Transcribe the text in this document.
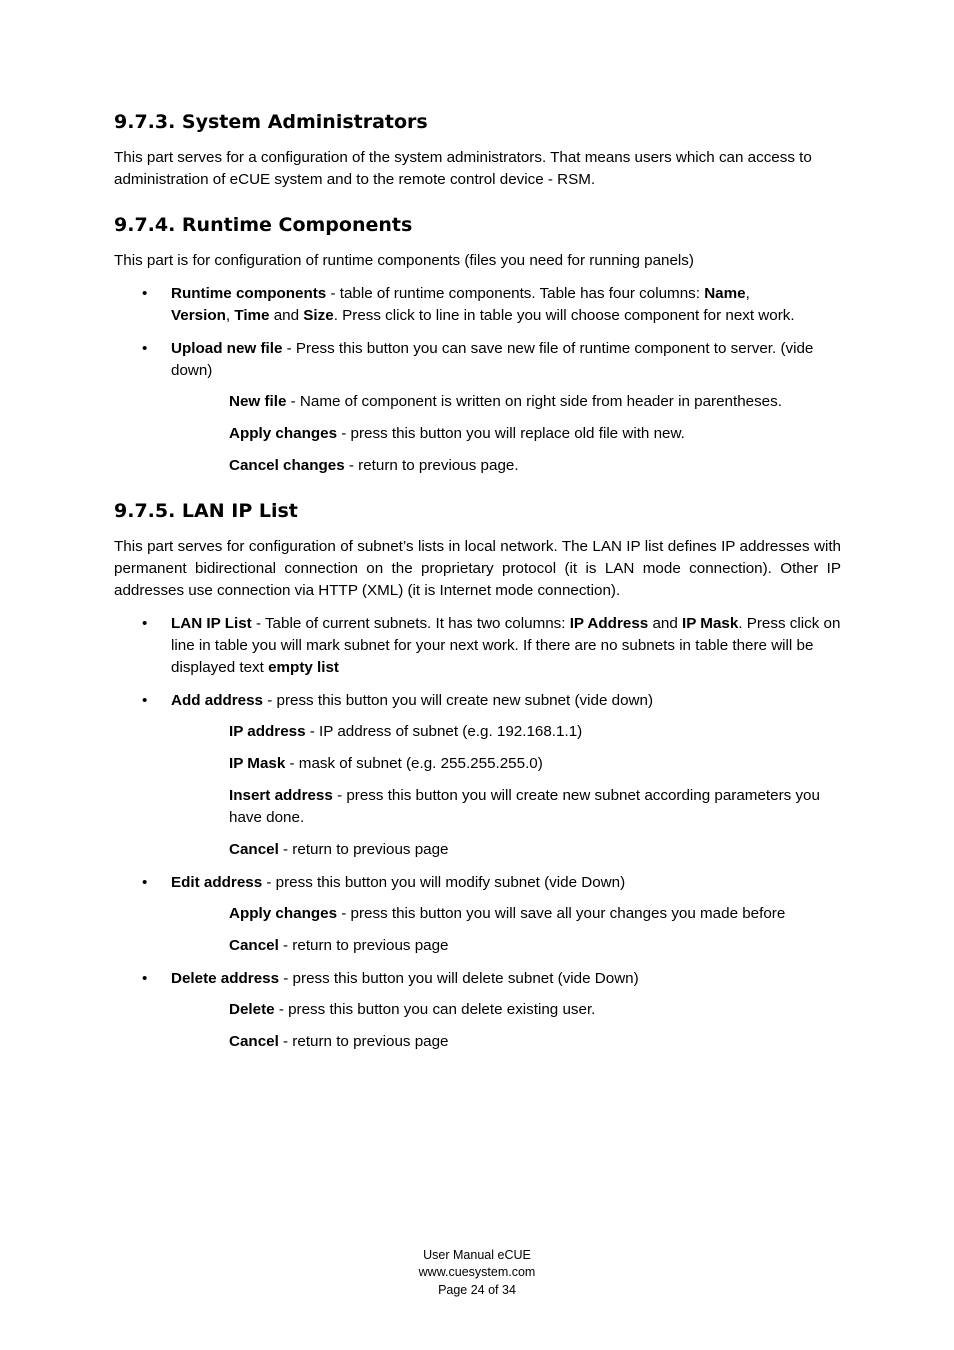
9.7.3. System Administrators

This part serves for a configuration of the system administrators. That means users which can access to administration of eCUE system and to the remote control device - RSM.

9.7.4. Runtime Components

This part is for configuration of runtime components (files you need for running panels)

• Runtime components - table of runtime components. Table has four columns: Name,
Version, Time and Size. Press click to line in table you will choose component for next work.
• Upload new file - Press this button you can save new file of runtime component to server. (vide down)
New file - Name of component is written on right side from header in parentheses.
Apply changes - press this button you will replace old file with new.
Cancel changes - return to previous page.
9.7.5. LAN IP List

This part serves for configuration of subnet’s lists in local network. The LAN IP list defines IP addresses with permanent bidirectional connection on the proprietary protocol (it is LAN mode connection). Other IP addresses use connection via HTTP (XML) (it is Internet mode connection).

• LAN IP List - Table of current subnets. It has two columns: IP Address and IP Mask. Press click on line in table you will mark subnet for your next work. If there are no subnets in table there will be displayed text empty list
• Add address - press this button you will create new subnet (vide down)
IP address - IP address of subnet (e.g. 192.168.1.1)
IP Mask - mask of subnet (e.g. 255.255.255.0)
Insert address - press this button you will create new subnet according parameters you have done.
Cancel - return to previous page
• Edit address - press this button you will modify subnet (vide Down)
Apply changes - press this button you will save all your changes you made before
Cancel - return to previous page
• Delete address - press this button you will delete subnet (vide Down)
Delete - press this button you can delete existing user.
Cancel - return to previous page
User Manual eCUE
www.cuesystem.com
Page 24 of 34
